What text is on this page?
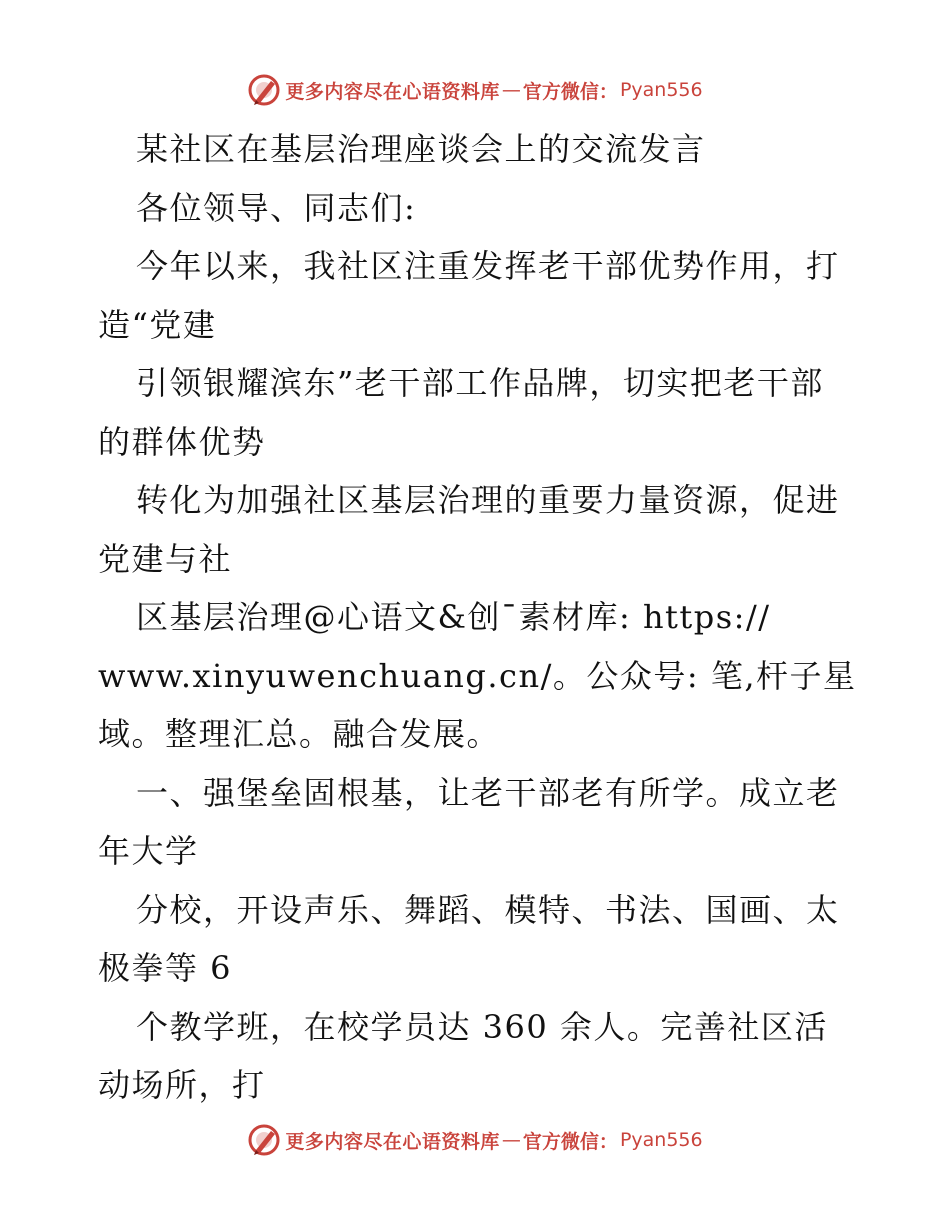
更多内容尽在心语资料库 — 官方微信： Pyan556
某社区在基层治理座谈会上的交流发言
各位领导、同志们:
今年以来，我社区注重发挥老干部优势作用，打
造“党建
引领银耀滨东”老干部工作品牌，切实把老干部
的群体优势
转化为加强社区基层治理的重要力量资源，促进
党建与社
区基层治理@心语文&创¯素材库: https://
www.xinyuwenchuang.cn/。公众号: 笔,杆子星
域。整理汇总。融合发展。
一、强堡垒固根基，让老干部老有所学。成立老
年大学
分校，开设声乐、舞蹈、模特、书法、国画、太
极拳等 6
个教学班，在校学员达 360 余人。完善社区活
动场所，打
更多内容尽在心语资料库 — 官方微信： Pyan556
